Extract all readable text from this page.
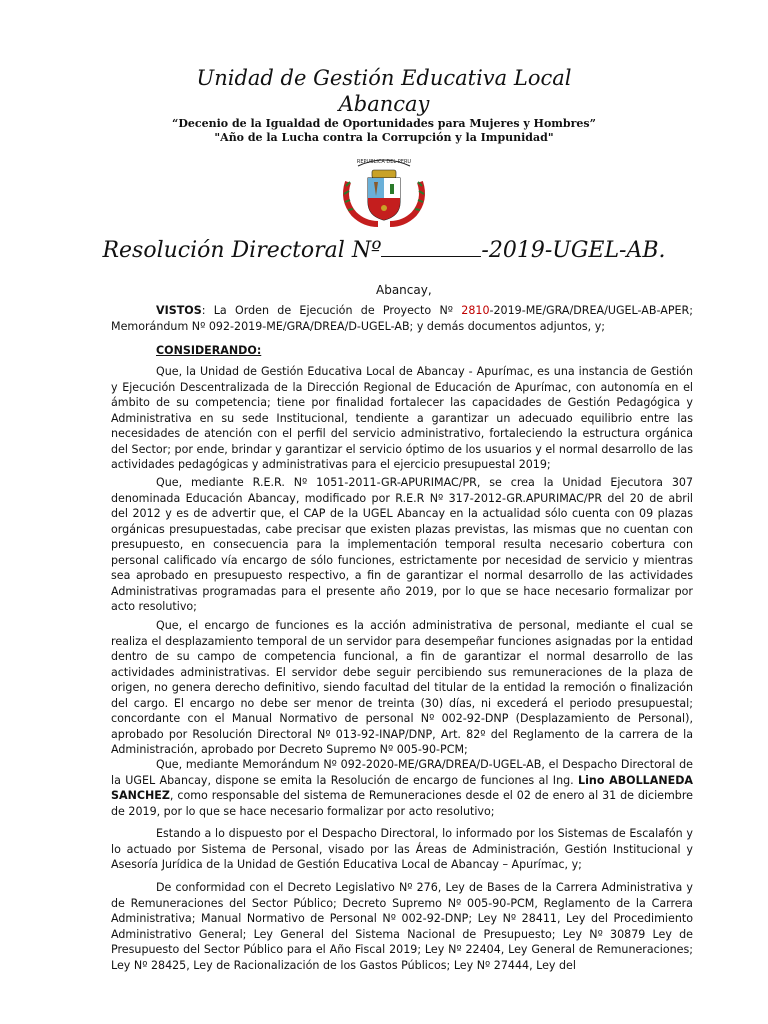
Unidad de Gestión Educativa Local
Abancay
“Decenio de la Igualdad de Oportunidades para Mujeres y Hombres”
"Año de la Lucha contra la Corrupción y la Impunidad"
REPUBLICA DEL PERU
Resolución Directoral Nº	-2019-UGEL-AB.
Abancay,

VISTOS: La Orden de Ejecución de Proyecto Nº 2810-2019-ME/GRA/DREA/UGEL-AB-APER; Memorándum Nº 092-2019-ME/GRA/DREA/D-UGEL-AB; y demás documentos adjuntos, y;

CONSIDERANDO:

Que, la Unidad de Gestión Educativa Local de Abancay - Apurímac, es una instancia de Gestión y Ejecución Descentralizada de la Dirección Regional de Educación de Apurímac, con autonomía en el ámbito de su competencia; tiene por finalidad fortalecer las capacidades de Gestión Pedagógica y Administrativa en su sede Institucional, tendiente a garantizar un adecuado equilibrio entre las necesidades de atención con el perfil del servicio administrativo, fortaleciendo la estructura orgánica del Sector; por ende, brindar y garantizar el servicio óptimo de los usuarios y el normal desarrollo de las actividades pedagógicas y administrativas para el ejercicio presupuestal 2019;

Que, mediante R.E.R. Nº 1051-2011-GR-APURIMAC/PR, se crea la Unidad Ejecutora 307 denominada Educación Abancay, modificado por R.E.R Nº 317-2012-GR.APURIMAC/PR del 20 de abril del 2012 y es de advertir que, el CAP de la UGEL Abancay en la actualidad sólo cuenta con 09 plazas orgánicas presupuestadas, cabe precisar que existen plazas previstas, las mismas que no cuentan con presupuesto, en consecuencia para la implementación temporal resulta necesario cobertura con personal calificado vía encargo de sólo funciones, estrictamente por necesidad de servicio y mientras sea aprobado en presupuesto respectivo, a fin de garantizar el normal desarrollo de las actividades Administrativas programadas para el presente año 2019, por lo que se hace necesario formalizar por acto resolutivo;

Que, el encargo de funciones es la acción administrativa de personal, mediante el cual se realiza el desplazamiento temporal de un servidor para desempeñar funciones asignadas por la entidad dentro de su campo de competencia funcional, a fin de garantizar el normal desarrollo de las actividades administrativas. El servidor debe seguir percibiendo sus remuneraciones de la plaza de origen, no genera derecho definitivo, siendo facultad del titular de la entidad la remoción o finalización del cargo. El encargo no debe ser menor de treinta (30) días, ni excederá el periodo presupuestal; concordante con el Manual Normativo de personal Nº 002-92-DNP (Desplazamiento de Personal), aprobado por Resolución Directoral Nº 013-92-INAP/DNP, Art. 82º del Reglamento de la carrera de la Administración, aprobado por Decreto Supremo Nº 005-90-PCM;

Que, mediante Memorándum Nº 092-2020-ME/GRA/DREA/D-UGEL-AB, el Despacho Directoral de la UGEL Abancay, dispone se emita la Resolución de encargo de funciones al Ing. Lino ABOLLANEDA SANCHEZ, como responsable del sistema de Remuneraciones desde el 02 de enero al 31 de diciembre de 2019, por lo que se hace necesario formalizar por acto resolutivo;

Estando a lo dispuesto por el Despacho Directoral, lo informado por los Sistemas de Escalafón y lo actuado por Sistema de Personal, visado por las Áreas de Administración, Gestión Institucional y Asesoría Jurídica de la Unidad de Gestión Educativa Local de Abancay – Apurímac, y;

De conformidad con el Decreto Legislativo Nº 276, Ley de Bases de la Carrera Administrativa y de Remuneraciones del Sector Público; Decreto Supremo Nº 005-90-PCM, Reglamento de la Carrera Administrativa; Manual Normativo de Personal Nº 002-92-DNP; Ley Nº 28411, Ley del Procedimiento Administrativo General; Ley General del Sistema Nacional de Presupuesto; Ley Nº 30879 Ley de Presupuesto del Sector Público para el Año Fiscal 2019; Ley Nº 22404, Ley General de Remuneraciones; Ley Nº 28425, Ley de Racionalización de los Gastos Públicos; Ley Nº 27444, Ley del
